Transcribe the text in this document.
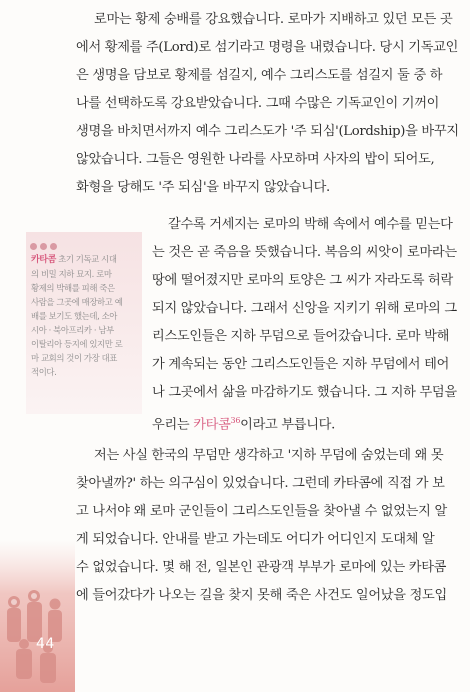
로마는 황제 숭배를 강요했습니다. 로마가 지배하고 있던 모든 곳
에서 황제를 주(Lord)로 섬기라고 명령을 내렸습니다. 당시 기독교인
은 생명을 담보로 황제를 섬길지, 예수 그리스도를 섬길지 둘 중 하
나를 선택하도록 강요받았습니다. 그때 수많은 기독교인이 기꺼이
생명을 바치면서까지 예수 그리스도가 '주 되심'(Lordship)을 바꾸지
않았습니다. 그들은 영원한 나라를 사모하며 사자의 밥이 되어도,
화형을 당해도 '주 되심'을 바꾸지 않았습니다.
갈수록 거세지는 로마의 박해 속에서 예수를 믿는다
는 것은 곧 죽음을 뜻했습니다. 복음의 씨앗이 로마라는
땅에 떨어졌지만 로마의 토양은 그 씨가 자라도록 허락
되지 않았습니다. 그래서 신앙을 지키기 위해 로마의 그
리스도인들은 지하 무덤으로 들어갔습니다. 로마 박해
가 계속되는 동안 그리스도인들은 지하 무덤에서 테어
나 그곳에서 삶을 마감하기도 했습니다. 그 지하 무덤을
우리는 카타콤$^{36}$이라고 부릅니다.
저는 사실 한국의 무덤만 생각하고 '지하 무덤에 숨었는데 왜 못
찾아낼까?' 하는 의구심이 있었습니다. 그런데 카타콤에 직접 가 보
고 나서야 왜 로마 군인들이 그리스도인들을 찾아낼 수 없었는지 알
게 되었습니다. 안내를 받고 가는데도 어디가 어디인지 도대체 알
수 없었습니다. 몇 해 전, 일본인 관광객 부부가 로마에 있는 카타콤
에 들어갔다가 나오는 길을 찾지 못해 죽은 사건도 일어났을 정도입
카타콤 초기 기독교 시대
의 비밀 지하 묘지. 로마
황제의 박해를 피해 죽은
사람을 그곳에 매장하고 예
배를 보기도 했는데, 소아
시아 · 북아프리카 · 남부
이탈리아 등지에 있지만 로
마 교회의 것이 가장 대표
적이다.
44
